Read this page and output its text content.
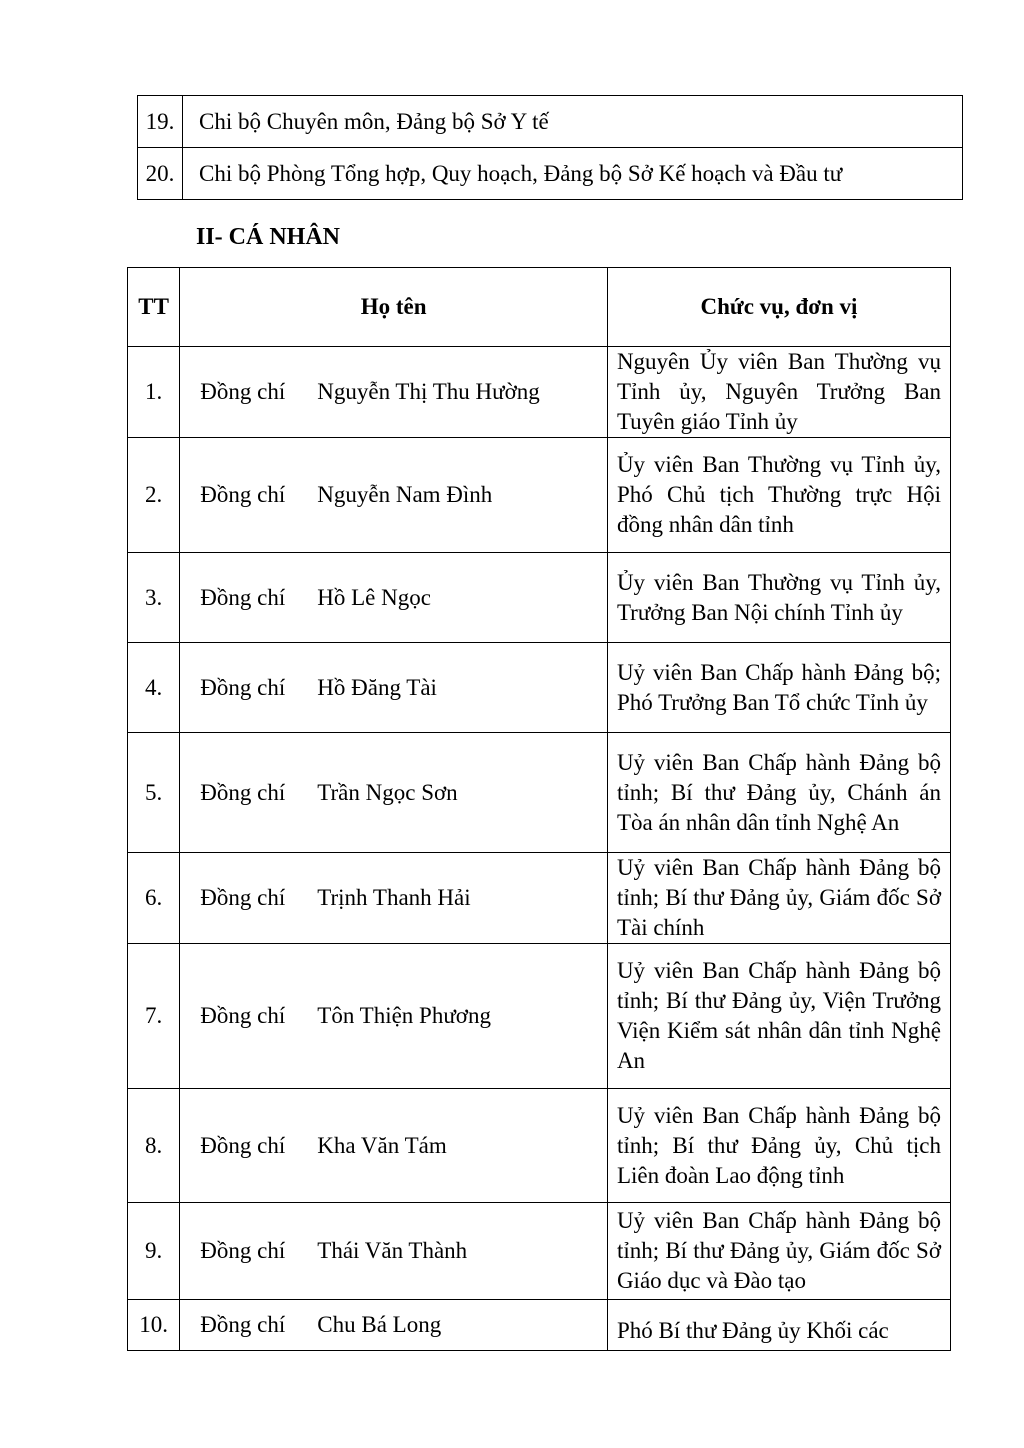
19.	Chi bộ Chuyên môn, Đảng bộ Sở Y tế
20.	Chi bộ Phòng Tổng hợp, Quy hoạch, Đảng bộ Sở Kế hoạch và Đầu tư
II- CÁ NHÂN
TT	Họ tên	Chức vụ, đơn vị
1.	Đồng chí Nguyễn Thị Thu Hường	Nguyên Ủy viên Ban Thường vụ Tỉnh ủy, Nguyên Trưởng Ban Tuyên giáo Tỉnh ủy
2.	Đồng chí Nguyễn Nam Đình	Ủy viên Ban Thường vụ Tỉnh ủy, Phó Chủ tịch Thường trực Hội đồng nhân dân tỉnh
3.	Đồng chí Hồ Lê Ngọc	Ủy viên Ban Thường vụ Tỉnh ủy, Trưởng Ban Nội chính Tỉnh ủy
4.	Đồng chí Hồ Đăng Tài	Uỷ viên Ban Chấp hành Đảng bộ; Phó Trưởng Ban Tổ chức Tỉnh ủy
5.	Đồng chí Trần Ngọc Sơn	Uỷ viên Ban Chấp hành Đảng bộ tỉnh; Bí thư Đảng ủy, Chánh án Tòa án nhân dân tỉnh Nghệ An
6.	Đồng chí Trịnh Thanh Hải	Uỷ viên Ban Chấp hành Đảng bộ tỉnh; Bí thư Đảng ủy, Giám đốc Sở Tài chính
7.	Đồng chí Tôn Thiện Phương	Uỷ viên Ban Chấp hành Đảng bộ tỉnh; Bí thư Đảng ủy, Viện Trưởng Viện Kiểm sát nhân dân tỉnh Nghệ An
8.	Đồng chí Kha Văn Tám	Uỷ viên Ban Chấp hành Đảng bộ tỉnh; Bí thư Đảng ủy, Chủ tịch Liên đoàn Lao động tỉnh
9.	Đồng chí Thái Văn Thành	Uỷ viên Ban Chấp hành Đảng bộ tỉnh; Bí thư Đảng ủy, Giám đốc Sở Giáo dục và Đào tạo
10.	Đồng chí Chu Bá Long	Phó Bí thư Đảng ủy Khối các
